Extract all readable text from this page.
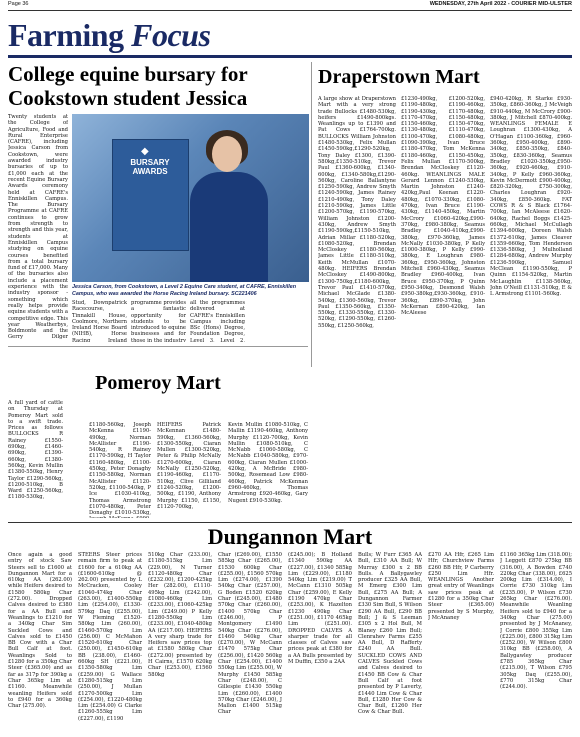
Page 36	WEDNESDAY, 27th April 2022 - COURIER MID-ULSTER
Farming Focus
College equine bursary for Cookstown student Jessica

Twenty students at the College of Agriculture, Food and Rural Enterprise (CAFRE), including Jessica Carson from Cookstown, were awarded industry bursaries of up to £1,000 each at the recent Equine Bursary Awards ceremony held at CAFRE's Enniskillen Campus. The Bursary Programme at CAFRE continues to grow from strength to strength and this year, students at Enniskillen Campus studying on equine courses benefited from a total bursary fund of £17,000. Many of the bursaries also include a placement experience with the industry sponsor - something which really helps provide equine students with a competitive edge. This year Weatherbys, Boldmonte and the Gerry Dilger

◆
BURSARY AWARDS
Jessica Carson, from Cookstown, a Level 2 Equine Care student, at CAFRE, Enniskillen Campus, who was awarded the Horse Racing Ireland bursary. SC221406

Stud, Downpatrick Racecourse, Tinnakill House, Coolmore, Northern Ireland Horse Board (NIHB), Horse Racing Ireland

programme provides a fantastic opportunity for students to be introduced to equine businesses and for those in the industry

all the programmes delivered at CAFRE's Enniskillen Campus including BSc (Hons) Degree, Foundation Degree, Level 3, Level 2,

Draperstown Mart

A large show at Draperstown Mart with a very strong trade Bullocks £1480-530kg, heifers £1490-800kgs. Weanlings up to £1390 and Pat Cows £1764-700kg. BULLOCKS William Johnston £1480-530kg, Felix Mullan £1450-590kg,£1290-520kg, Tony Daley £1300, £1390-580kg,£1350-510kg, Trevor Paul £1360-600kg, £1340-600kg, £1340-580kg,£1290-560kg, Caroline Ballantyne £1250-590kg, Andrew Smyth £1240-590kg, James Rainey £1210-490kg, Tony Daley £1210-590kg, James Little £1200-570kg, £1190-570kg, William Johnston £1200-430kg, Andrew Smyth £1190-590kg,£1150-510kg, Adrian Millar £1180-520kg, £1080-520kg, Brendan McCloskey £1180-560kg, James Little £1180-510kg, Keith McMullan £1070-480kg. HEIFERS Brendan McCloskey £1490-800kg, £1300-750kg,£1180-600kg, Trevor Paul £1410-570kg, Michael McGlade £1380-540kg, £1360-560kg, Trevor Paul £1350-560kg, £1350-550kg, £1330-550kg, £1330-520kg, £1290-550kg, £1260-550kg, £1250-560kg,

£1230-490kg, £1200-520kg, £1190-480kg, £1190-460kg, £1190-430kg, £1170-480kg, £1170-470kg, £1150-480kg, £1150-460kg, £1150-470kg, £1130-480kg, £1110-470kg, £1100-470kg, £1080-480kg, £1090-390kg, Ivan Bruce £1180-470kg, Tom McKenna £1180-460kg, £1150-450kg, Felix Mullan £1170-500kg, Brendan McCloskey £1120-460kg. WEANLINGS MALE Gerard Lennon £1240-530kg, Martin Johnston £1240-420kg,Paul Keenan £1220-480kg, £1070-330kg, £1080-470kg, Ivan Bruce £1190-430kg, £1140-450kg, Martin McCrory £1060-420kg,£990-370kg, £980-380kg, Seamus Bradley £1040-410kg,£990-380kg, £970-360kg, James McNally £1030-380kg, P Kelly £1000-380kg, P Kelly £990-380kg, E Loughran £980-360kg, £950-360kg, Johnston Mitchell £960-430kg, Seamus Bradley £960-400kg, Ivan Bruce £950-370kg, P Quinn £950-340kg, Desmond Walsh £950-380kg,£930-360kg, £910-360kg, £890-370kg, John McKernan £890-420kg, Ian McAleese

£940-420kg, R Starke £930-350kg, £860-360kg, J McVeigh £910-440kg, M McCrory £900-380kg, J Mitchell £870-400kg. WEANLINGS FEMALE E Loughran £1300-430kg, A O'Hagan £1100-360kg, £960-360kg, £950-400kg, £890-340kg, £850-350kg, £840-350kg, £830-360kg, Seamus Bradley £1020-350kg,£950-360kg, £920-460kg, £910-340kg, P Kelly £960-360kg, Kevin McDermott £900-400kg, £820-320kg, £750-300kg, Charles Loughran £920-340kg, £850-360kg. FAT COWS R & S Black £1764-700kg, Ian McAleese £1620-640kg, Rachel Boggs £1425-660kg, Michael McCullagh £1394-600kg, Doreen Walsh £1372-610kg, James Cleaver £1359-660kg, Tom Henderson £1336-580kg, J Mulholland £1284-680kg, Andrew Murphy £1236-590kg, Samuel McClean £1190-550kg, P Quinn £1154-520kg, Martin McLaughlin £1138-560kg, John O'Neill £1131-510kg, E & L Armstrong £1101-560kg.

Pomeroy Mart

A full yard of cattle on Thursday at Pomeroy Mart sold to a swift trade. Prices as follows BULLOCKS R Rainey £1550-690kg, £1460-690kg, £1390-660kg, £1380-560kg, Kevin Mullin £1380-550kg, Henry Taylor £1290-560kg, £1200-510kg, B Ward £1250-560kg, £1180-530kg,

£1180-560kg, Joseph McKenna £1190-490kg, Norman McAllister £1190-540kg, R Rainey £1170-590kg, H Taylor £1160-480kg, £1100-450kg, Peter Donaghy £1150-580kg, Norman McAllister £1120-520kg, £1100-540kg, P Ice £1030-410kg, Thomas Armstrong £1070-480kg, Peter Donaghy £1010-530kg,

HEIFERS Patrick McKennan £1480-590kg, £1360-560kg, £1300-550kg, Ciaran Mullen £1300-520kg, Peter & Philip McNally £1270-600kg, Ciaran McNally £1250-520kg, £1190-460kg, £1170-510kg, Clive Gilliland £1240-520kg, £1200-500kg, £1190, Anthony Murphy £1150, £1150, £1120-700kg,

Kevin Mullin £1080-510kg, C Mallin £1190-460kg, Anthony Murphy £1120-700kg, Kevin Mullin £1080-510kg, C McNabb £1060-580kg, C McNabb £1040-580kg, £970-600kg, Ciaran Mullen £1000-420kg, A McBride £980-500kg, Rosemead Low £980-460kg, Patrick McKennan £960-460kg, Thomas Armstrong £920-460kg, Gary Nugent £910-530kg.

Dungannon Mart

Once again a good entry of stock Saw Steers sell to £1600 at Dungannon Mart for a 610kg AA (262.00) while Heifers desired to £1580 580kg Char (272.00). Dropped Calves desired to £380 for a AA Bull and Weanlings to £1210 for a 340kg Char Sim Suckled Cows and Calves sold to £1450 BB Cow with a Char Bull Calf at foot. Weanlings Sold to £1280 for a 350kg Char Steer (£365.00) and as far as 317p for 390kg a Char 365kg Lim at £1160. Meanwhile weanling Heifers sold to £940 for a 360kg Char (275.00).

STEERS Steer prices remain firm to peak at £1600 for a 610kg AA (£1600-610kg @ 262.00) presented by L McCracken, Cooley £1040-474kg Char (263.00), £1400-550kg Lim (£254.00), £1330-579kg Daq (£255.00), W Fleming £1520-580kg Lim (260.00), £1460-570kg Lim (256.00) C McMahon £1520-610kg Char (250.00), £1450-610kg BB (238.00), £1460-660kg SH (£221.00), £1350-580kg Lim (£259.00) G Wallace £1280-515kg Lim (250.00), J Mullan £1270-500kg Lim (£254.00), £1220-480kg Lim (£254.00) G Clarke £1260-555kg Lim (£227.00), £1190

510kg Char (233.00), £1180-515kg Lim (229.00), N Turner £1120-480kg Char (£232.00), £1200-425kg Her (282.00), £1110-495kg Lim (£242.00), £1080-460kg Lim (£233.00), £1060-425kg Lim (£249.00) P Kelly £1280-550kg Lim (£233.00), £1040-480kg AA (£217.00). HEIFERS A very sharp trade for Heifers saw prices top at £1580 580kg Char (£272.00) presented by H Cairns, £1570 620kg Char (£253.00), £1560 580kg

Char (£269.00), £1550 585kg Char (£265.00), £1530 600kg Char (£255.00), £1560 570kg Lim (£274.00), £1390 540kg Char (£257.00), G Boden £1520 620kg Char (£245.00), £1480 570kg Char (£260.00), £1400 570kg Char (£246.00), P Montgomery £1490 540kg Char (£276.00), £1460 540kg Char (£270.00), W McCann £1470 575kg Char (£256.00), £1420 560kg Char (£254.00), £1400 550kg Lim (£255.00), W Murphy £1450 585kg Char (£248.00), C Gillespie £1430 550kg Lim (£260.00), £1400 570kg Char (£246.00), J Mallon £1400 515kg Char

(£245.00); B Holland £1340 590kg AA (£227.00), £1340 585kg Lim (£229.00), £1180 540kg Lim (£219.00) T McCann £1310 505kg Char (£259.00), E Kelly £1190 470kg Char (£253.00), K Hazelton £1230 490kg Char (£251.00), £1170 465kg Lim (£251.00). DROPPED CALVES A sharper trade for all classes of Calves saw prices peak at £380 for a AA Bulls presented by M Duffin, £350 a 2AA

Bulls; W Furr £365 AA Bull, £310 AA Bull; W Murray £300 x 2 BB Bulls. A Ballygawley producer £325 AA Bull, M Emerg £300 Lim Bull, £275 AA Bull; A Dungannon Farmer £330 Sim Bull, S Wilson £290 AA Bull, £290 BB Bull; J & S Leeman £305 x 2 Hol Bull, M Blaney £260 Lim Bull; Clenrahev Farms £255 AA Bull, D Rafferty £240 AA Bull. SUCKLED COWS AND CALVES Suckled Cows and Calves desired to £1450 BB Cow & Char Bull Calf at foot presented by P Laverty, £1440 Lim Cow & Char Bull, £1280 Her Cow & Char Bull, £1260 Her Cow & Char Bull.

£270 AA Hfr, £265 Lim Hfr; Churchview Farms £260 BB Hfr, P Carberry £250 Lim Hfr. WEANLINGS Another great entry of Weanlings saw prices peak at £1280 for a 350kg Char Steer (£365.00) presented by S Murphy, J McAnaney

£1160 365kg Lim (318.00); J Leggett £870 275kg BB (316.00), A Bowden £740 220kg Char (338.00), £625 200kg Lim (£314.00), I Corrie £730 310kg Lim (£235.00), P Wilson £730 265kg Char (£276.00). Meanwhile Weanling Heifers sold to £940 for a 340kg Char (275.00) presented by J McAnaney, J Corrie £800 355kg Lim (£225.00), £800 315kg Lim (£252.00), W Wilson £800 310kg BB (£258.00), A Ballygawley producer £785 365kg Char (£215.00), T Wilson £795 305kg Daq (£255.00), £770 315kg Char (£244.00).
